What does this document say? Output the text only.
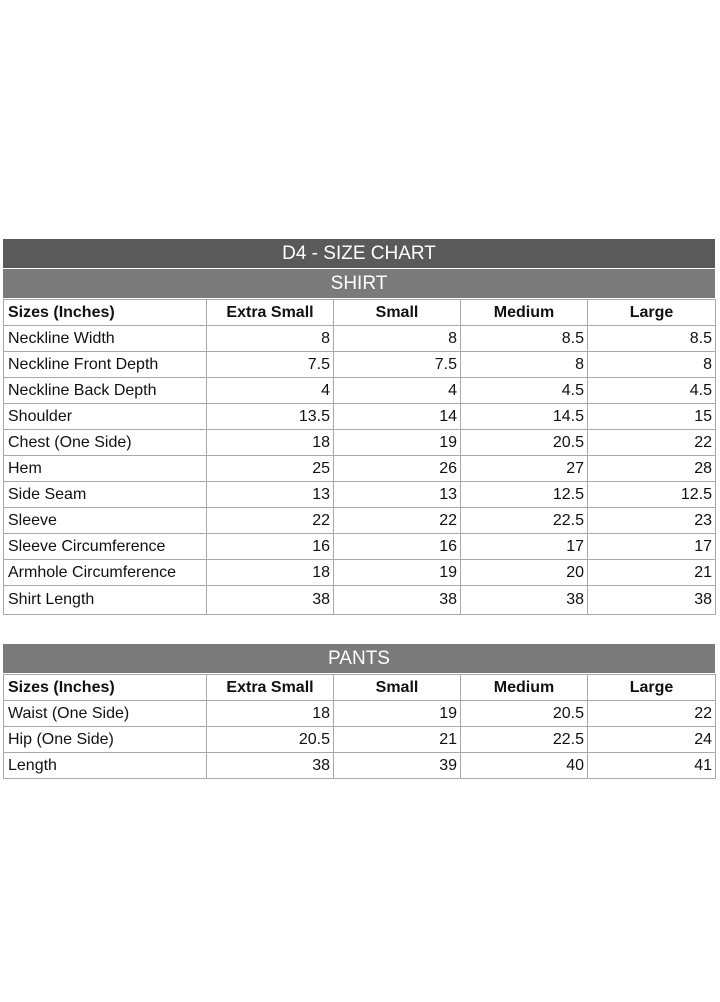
D4 - SIZE CHART
SHIRT
Sizes (Inches)	Extra Small	Small	Medium	Large
Neckline Width	8	8	8.5	8.5
Neckline Front Depth	7.5	7.5	8	8
Neckline Back Depth	4	4	4.5	4.5
Shoulder	13.5	14	14.5	15
Chest (One Side)	18	19	20.5	22
Hem	25	26	27	28
Side Seam	13	13	12.5	12.5
Sleeve	22	22	22.5	23
Sleeve Circumference	16	16	17	17
Armhole Circumference	18	19	20	21
Shirt Length	38	38	38	38
PANTS
Sizes (Inches)	Extra Small	Small	Medium	Large
Waist (One Side)	18	19	20.5	22
Hip (One Side)	20.5	21	22.5	24
Length	38	39	40	41
